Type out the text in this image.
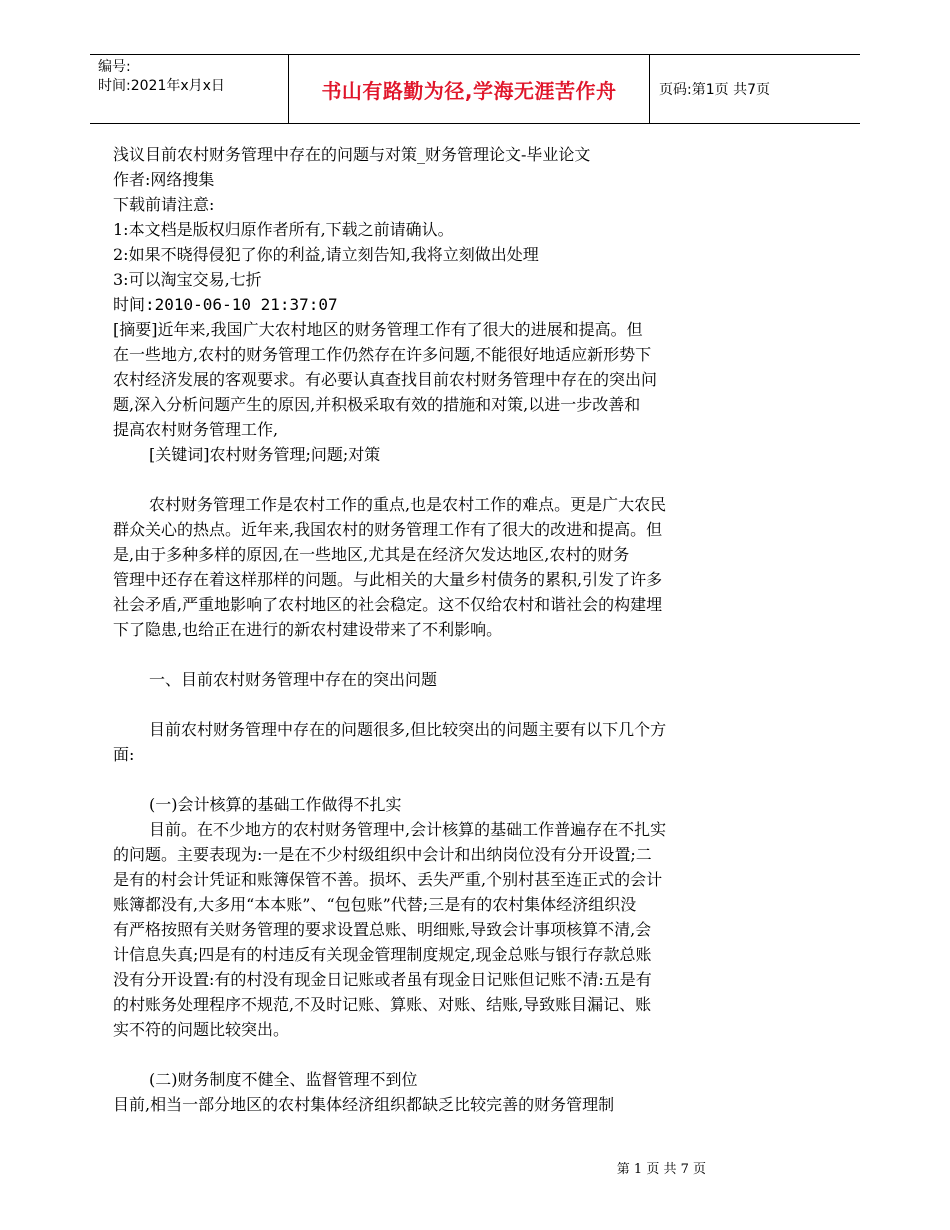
编号:
时间:2021年x月x日	书山有路勤为径,学海无涯苦作舟	页码:第1页 共7页

浅议目前农村财务管理中存在的问题与对策_财务管理论文-毕业论文

作者:网络搜集

下载前请注意:

1:本文档是版权归原作者所有,下载之前请确认。

2:如果不晓得侵犯了你的利益,请立刻告知,我将立刻做出处理

3:可以淘宝交易,七折

时间:2010-06-10 21:37:07

[摘要]近年来,我国广大农村地区的财务管理工作有了很大的进展和提高。但

在一些地方,农村的财务管理工作仍然存在许多问题,不能很好地适应新形势下

农村经济发展的客观要求。有必要认真查找目前农村财务管理中存在的突出问

题,深入分析问题产生的原因,并积极采取有效的措施和对策,以进一步改善和

提高农村财务管理工作,

[关键词]农村财务管理;问题;对策

农村财务管理工作是农村工作的重点,也是农村工作的难点。更是广大农民

群众关心的热点。近年来,我国农村的财务管理工作有了很大的改进和提高。但

是,由于多种多样的原因,在一些地区,尤其是在经济欠发达地区,农村的财务

管理中还存在着这样那样的问题。与此相关的大量乡村债务的累积,引发了许多

社会矛盾,严重地影响了农村地区的社会稳定。这不仅给农村和谐社会的构建埋

下了隐患,也给正在进行的新农村建设带来了不利影响。

一、目前农村财务管理中存在的突出问题

目前农村财务管理中存在的问题很多,但比较突出的问题主要有以下几个方

面:

(一)会计核算的基础工作做得不扎实

目前。在不少地方的农村财务管理中,会计核算的基础工作普遍存在不扎实

的问题。主要表现为:一是在不少村级组织中会计和出纳岗位没有分开设置;二

是有的村会计凭证和账簿保管不善。损坏、丢失严重,个别村甚至连正式的会计

账簿都没有,大多用“本本账”、“包包账”代替;三是有的农村集体经济组织没

有严格按照有关财务管理的要求设置总账、明细账,导致会计事项核算不清,会

计信息失真;四是有的村违反有关现金管理制度规定,现金总账与银行存款总账

没有分开设置:有的村没有现金日记账或者虽有现金日记账但记账不清:五是有

的村账务处理程序不规范,不及时记账、算账、对账、结账,导致账目漏记、账

实不符的问题比较突出。

(二)财务制度不健全、监督管理不到位

目前,相当一部分地区的农村集体经济组织都缺乏比较完善的财务管理制

第 1 页 共 7 页
